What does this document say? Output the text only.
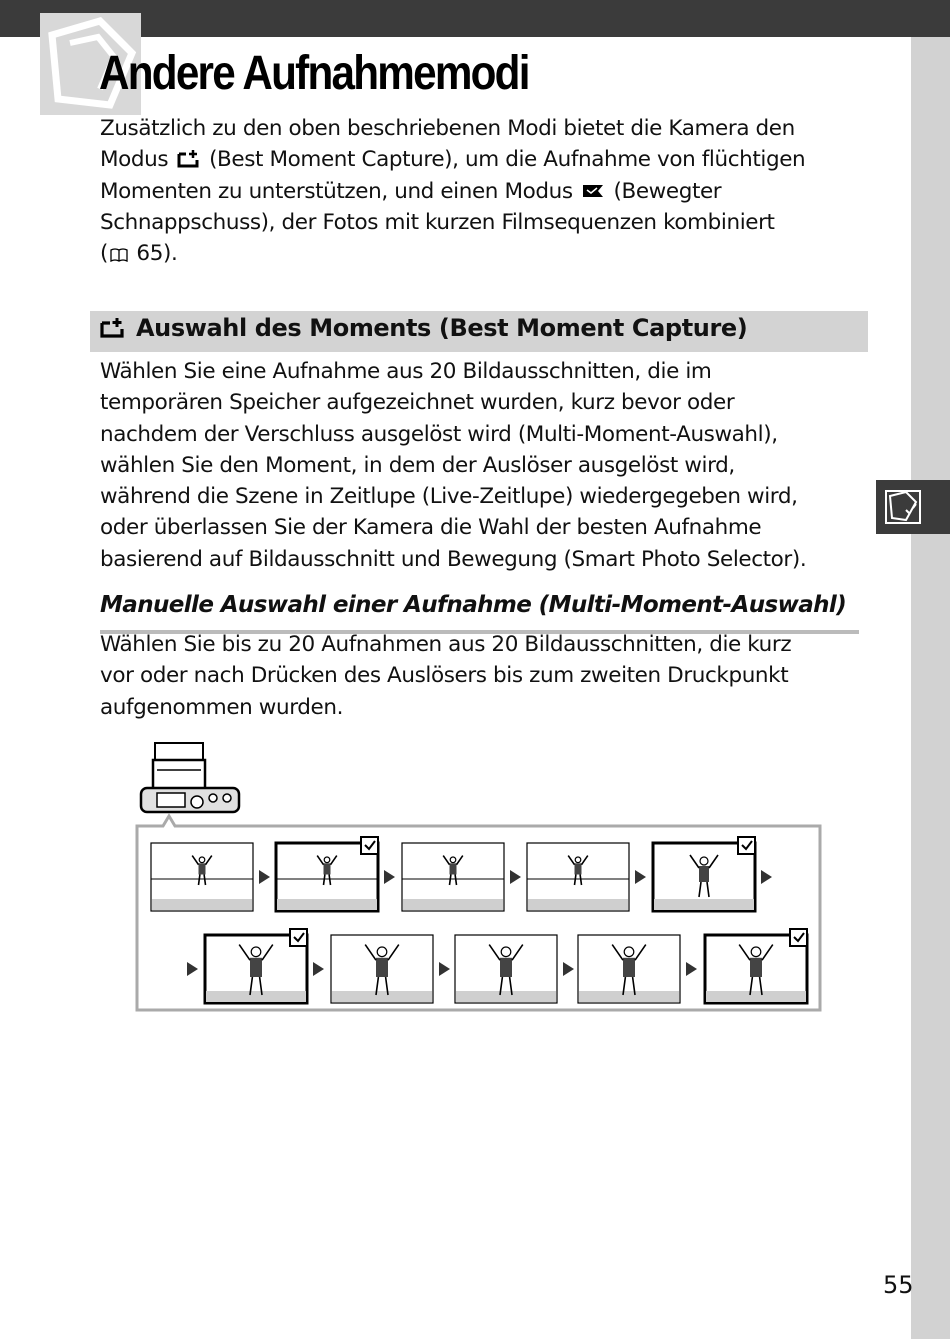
Andere Aufnahmemodi

Zusätzlich zu den oben beschriebenen Modi bietet die Kamera den
Modus  (Best Moment Capture), um die Aufnahme von flüchtigen
Momenten zu unterstützen, und einen Modus  (Bewegter
Schnappschuss), der Fotos mit kurzen Filmsequenzen kombiniert
( 65).

Auswahl des Moments (Best Moment Capture)

Wählen Sie eine Aufnahme aus 20 Bildausschnitten, die im
temporären Speicher aufgezeichnet wurden, kurz bevor oder
nachdem der Verschluss ausgelöst wird (Multi-Moment-Auswahl),
wählen Sie den Moment, in dem der Auslöser ausgelöst wird,
während die Szene in Zeitlupe (Live-Zeitlupe) wiedergegeben wird,
oder überlassen Sie der Kamera die Wahl der besten Aufnahme
basierend auf Bildausschnitt und Bewegung (Smart Photo Selector).

Manuelle Auswahl einer Aufnahme (Multi-Moment-Auswahl)

Wählen Sie bis zu 20 Aufnahmen aus 20 Bildausschnitten, die kurz
vor oder nach Drücken des Auslösers bis zum zweiten Druckpunkt
aufgenommen wurden.

55
